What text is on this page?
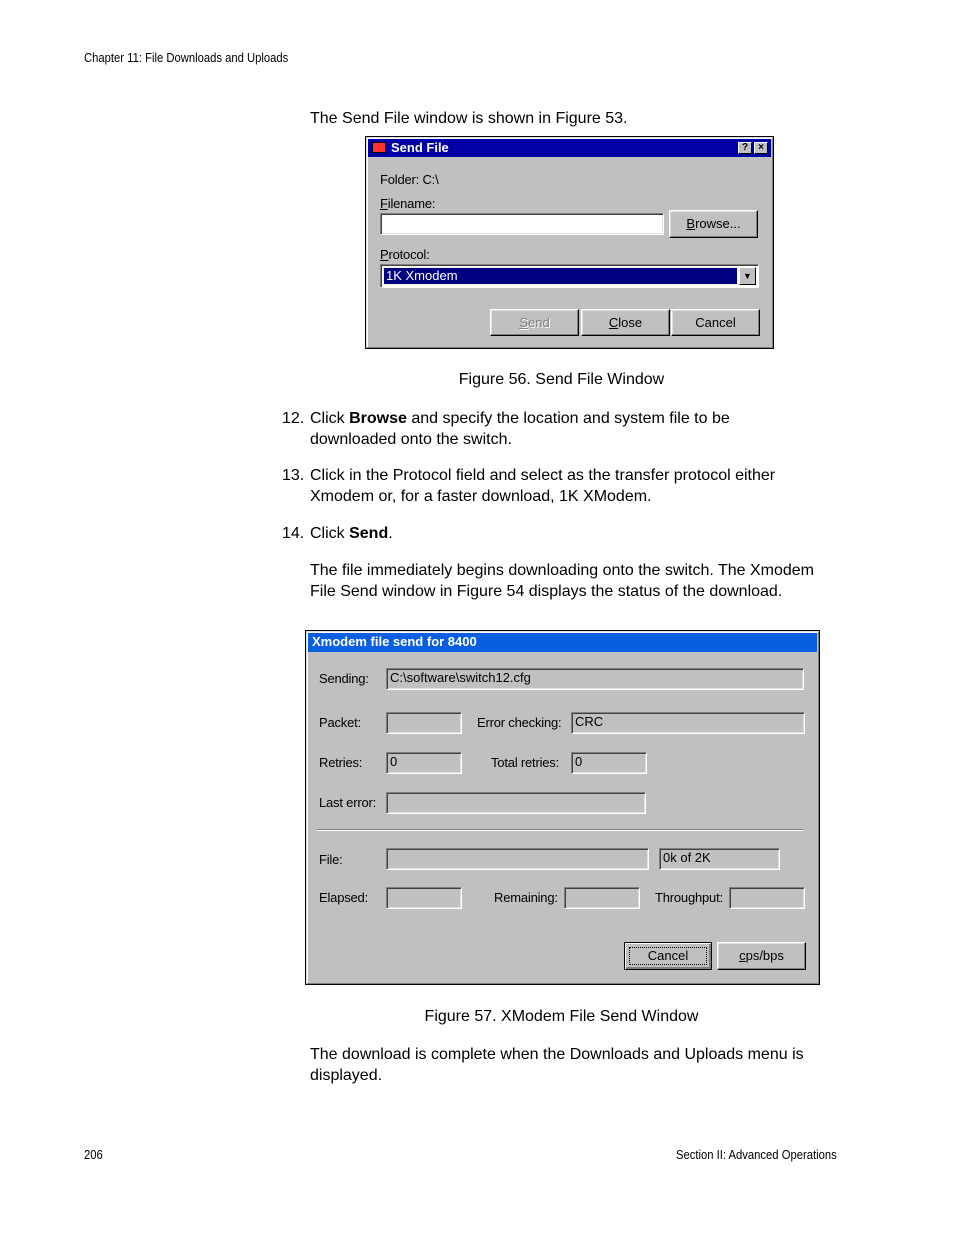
Chapter 11: File Downloads and Uploads
The Send File window is shown in Figure 53.
Send File	?	×
Folder: C:\
Filename:
Browse...
Protocol:
1K Xmodem	▼
Send	Close	Cancel
Figure 56. Send File Window
12. Click Browse and specify the location and system file to be downloaded onto the switch.
13. Click in the Protocol field and select as the transfer protocol either Xmodem or, for a faster download, 1K XModem.
14. Click Send.
The file immediately begins downloading onto the switch. The Xmodem File Send window in Figure 54 displays the status of the download.
Xmodem file send for 8400
Sending:	C:\software\switch12.cfg
Packet:	Error checking:	CRC
Retries:	0	Total retries:	0
Last error:
File:	0k of 2K
Elapsed:	Remaining:	Throughput:
Cancel	cps/bps
Figure 57. XModem File Send Window
The download is complete when the Downloads and Uploads menu is displayed.
206	Section II: Advanced Operations
